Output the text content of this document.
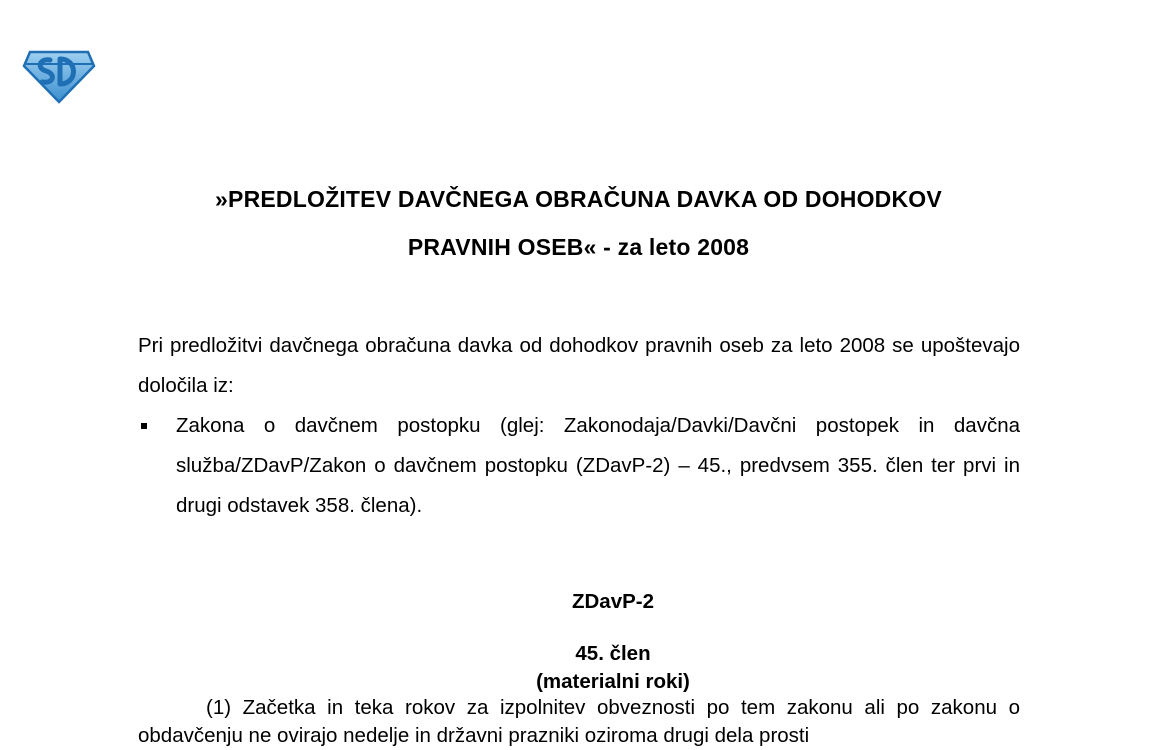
»PREDLOŽITEV DAVČNEGA OBRAČUNA DAVKA OD DOHODKOV
PRAVNIH OSEB« - za leto 2008
Pri predložitvi davčnega obračuna davka od dohodkov pravnih oseb za leto 2008 se upoštevajo določila iz:
Zakona o davčnem postopku (glej: Zakonodaja/Davki/Davčni postopek in davčna služba/ZDavP/Zakon o davčnem postopku (ZDavP-2) – 45., predvsem 355. člen ter prvi in drugi odstavek 358. člena).
ZDavP-2
45. člen
(materialni roki)
(1) Začetka in teka rokov za izpolnitev obveznosti po tem zakonu ali po zakonu o obdavčenju ne ovirajo nedelje in državni prazniki oziroma drugi dela prosti
